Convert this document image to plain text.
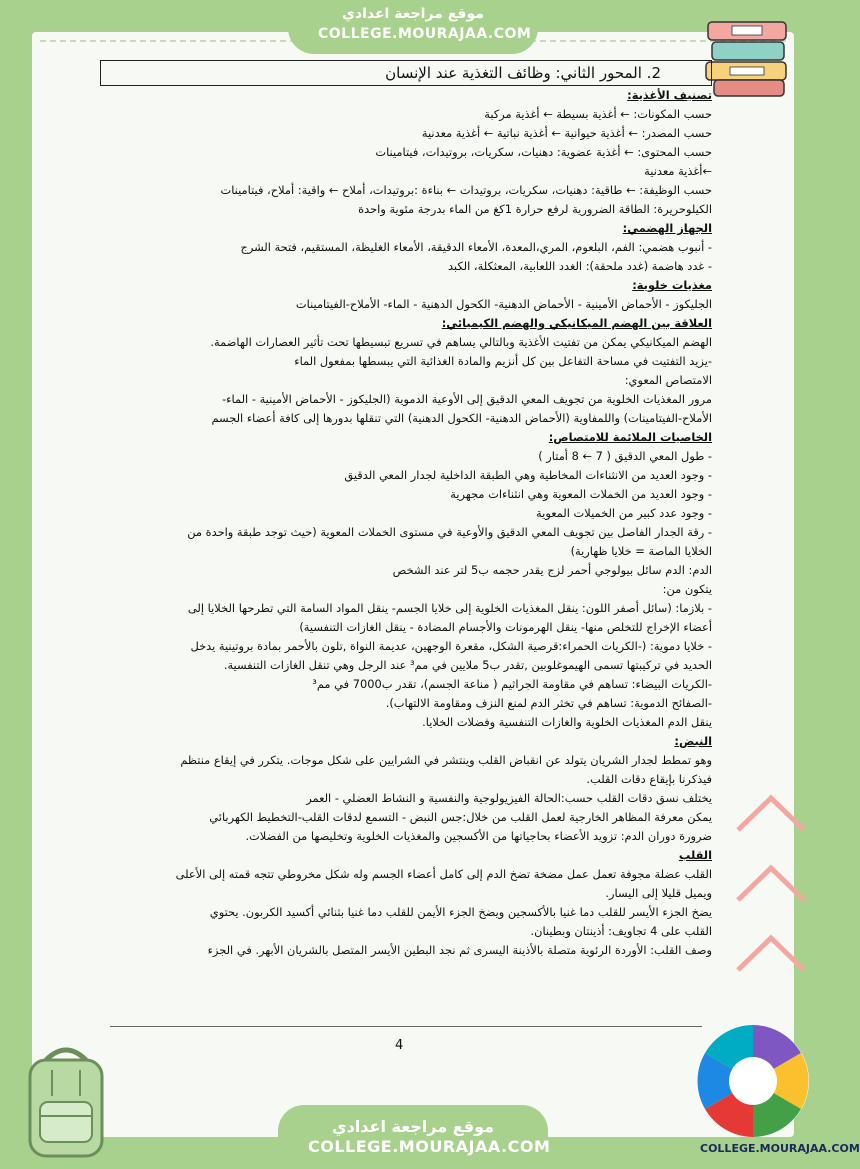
موقع مراجعة اعدادي
COLLEGE.MOURAJAA.COM
2. المحور الثاني: وظائف التغذية عند الإنسان

تصنيف الأغذية:

حسب المكونات: ← أغذية بسيطة ← أغذية مركبة

حسب المصدر: ← أغذية حيوانية ← أغذية نباتية ← أغذية معدنية

حسب المحتوى: ← أغذية عضوية: دهنيات، سكريات، بروتيدات، فيتامينات

←أغذية معدنية

حسب الوظيفة: ← طاقية: دهنيات، سكريات، بروتيدات ← بناءة :بروتيدات، أملاح ← واقية: أملاح، فيتامينات

الكيلوحريرة: الطاقة الضرورية لرفع حرارة 1كغ من الماء بدرجة مئوية واحدة

الجهاز الهضمي:

- أنبوب هضمي: الفم، البلعوم، المري،المعدة، الأمعاء الدقيقة، الأمعاء الغليظة، المستقيم، فتحة الشرج

- غدد هاضمة (غدد ملحقة): الغدد اللعابية، المعثكلة، الكبد

مغذيات خلوية:

الجليكوز - الأحماض الأمينية - الأحماض الدهنية- الكحول الدهنية - الماء- الأملاح-الفيتامينات

العلاقة بين الهضم الميكانيكي والهضم الكيميائي:

الهضم الميكانيكي يمكن من تفتيت الأغذية وبالتالي يساهم في تسريع تبسيطها تحت تأثير العصارات الهاضمة.

-يزيد التفتيت في مساحة التفاعل بين كل أنزيم والمادة الغذائية التي يبسطها بمفعول الماء

الامتصاص المعوي:

مرور المغذيات الخلوية من تجويف المعي الدقيق إلى الأوعية الدموية (الجليكوز - الأحماض الأمينية - الماء-

الأملاح-الفيتامينات) واللمفاوية (الأحماض الدهنية- الكحول الدهنية) التي تنقلها بدورها إلى كافة أعضاء الجسم

الخاصيات الملائمة للامتصاص:

- طول المعي الدقيق ( 7 ← 8 أمتار )

- وجود العديد من الانثناءات المخاطية وهي الطبقة الداخلية لجدار المعي الدقيق

- وجود العديد من الخملات المعوية وهي انثناءات مجهرية

- وجود عدد كبير من الخميلات المعوية

- رقة الجدار الفاصل بين تجويف المعي الدقيق والأوعية في مستوى الخملات المعوية (حيث توجد طبقة واحدة من

الخلايا الماصة = خلايا ظهارية)

الدم: الدم سائل بيولوجي أحمر لزج يقدر حجمه ب5 لتر عند الشخص

يتكون من:

- بلازما: (سائل أصفر اللون: ينقل المغذيات الخلوية إلى خلايا الجسم- ينقل المواد السامة التي تطرحها الخلايا إلى

أعضاء الإخراج للتخلص منها- ينقل الهرمونات والأجسام المضادة - ينقل الغازات التنفسية)

- خلايا دموية: (-الكريات الحمراء:قرصية الشكل، مقعرة الوجهين، عديمة النواة ,تلون بالأحمر بمادة بروتينية يدخل

الحديد في تركيبتها تسمى الهيموغلوبين ,تقدر ب5 ملايين في مم³ عند الرجل وهي تنقل الغازات التنفسية.

-الكريات البيضاء: تساهم في مقاومة الجراثيم ( مناعة الجسم)، تقدر ب7000 في مم³

-الصفائح الدموية: تساهم في تخثر الدم لمنع النزف ومقاومة الالتهاب).

ينقل الدم المغذيات الخلوية والغازات التنفسية وفضلات الخلايا.

النبض:

وهو تمطط لجدار الشريان يتولد عن انقباض القلب وينتشر في الشرايين على شكل موجات. يتكرر في إيقاع منتظم

فيذكرنا بإيقاع دقات القلب.

يختلف نسق دقات القلب حسب:الحالة الفيزيولوجية والنفسية و النشاط العضلي - العمر

يمكن معرفة المظاهر الخارجية لعمل القلب من خلال:جس النبض - التسمع لدقات القلب-التخطيط الكهربائي

ضرورة دوران الدم: تزويد الأعضاء بحاجياتها من الأكسجين والمغذيات الخلوية وتخليصها من الفضلات.

القلب

القلب عضلة مجوفة تعمل عمل مضخة تضخ الدم إلى كامل أعضاء الجسم وله شكل مخروطي تتجه قمته إلى الأعلى

ويميل قليلا إلى اليسار.

يضخ الجزء الأيسر للقلب دما غنيا بالأكسجين ويضخ الجزء الأيمن للقلب دما غنيا بثنائي أكسيد الكربون. يحتوي

القلب على 4 تجاويف: أذينتان وبطينان.

وصف القلب: الأوردة الرئوية متصلة بالأذينة اليسرى ثم نجد البطين الأيسر المتصل بالشريان الأبهر. في الجزء

4
موقع مراجعة اعدادي
COLLEGE.MOURAJAA.COM	COLLEGE.MOURAJAA.COM
